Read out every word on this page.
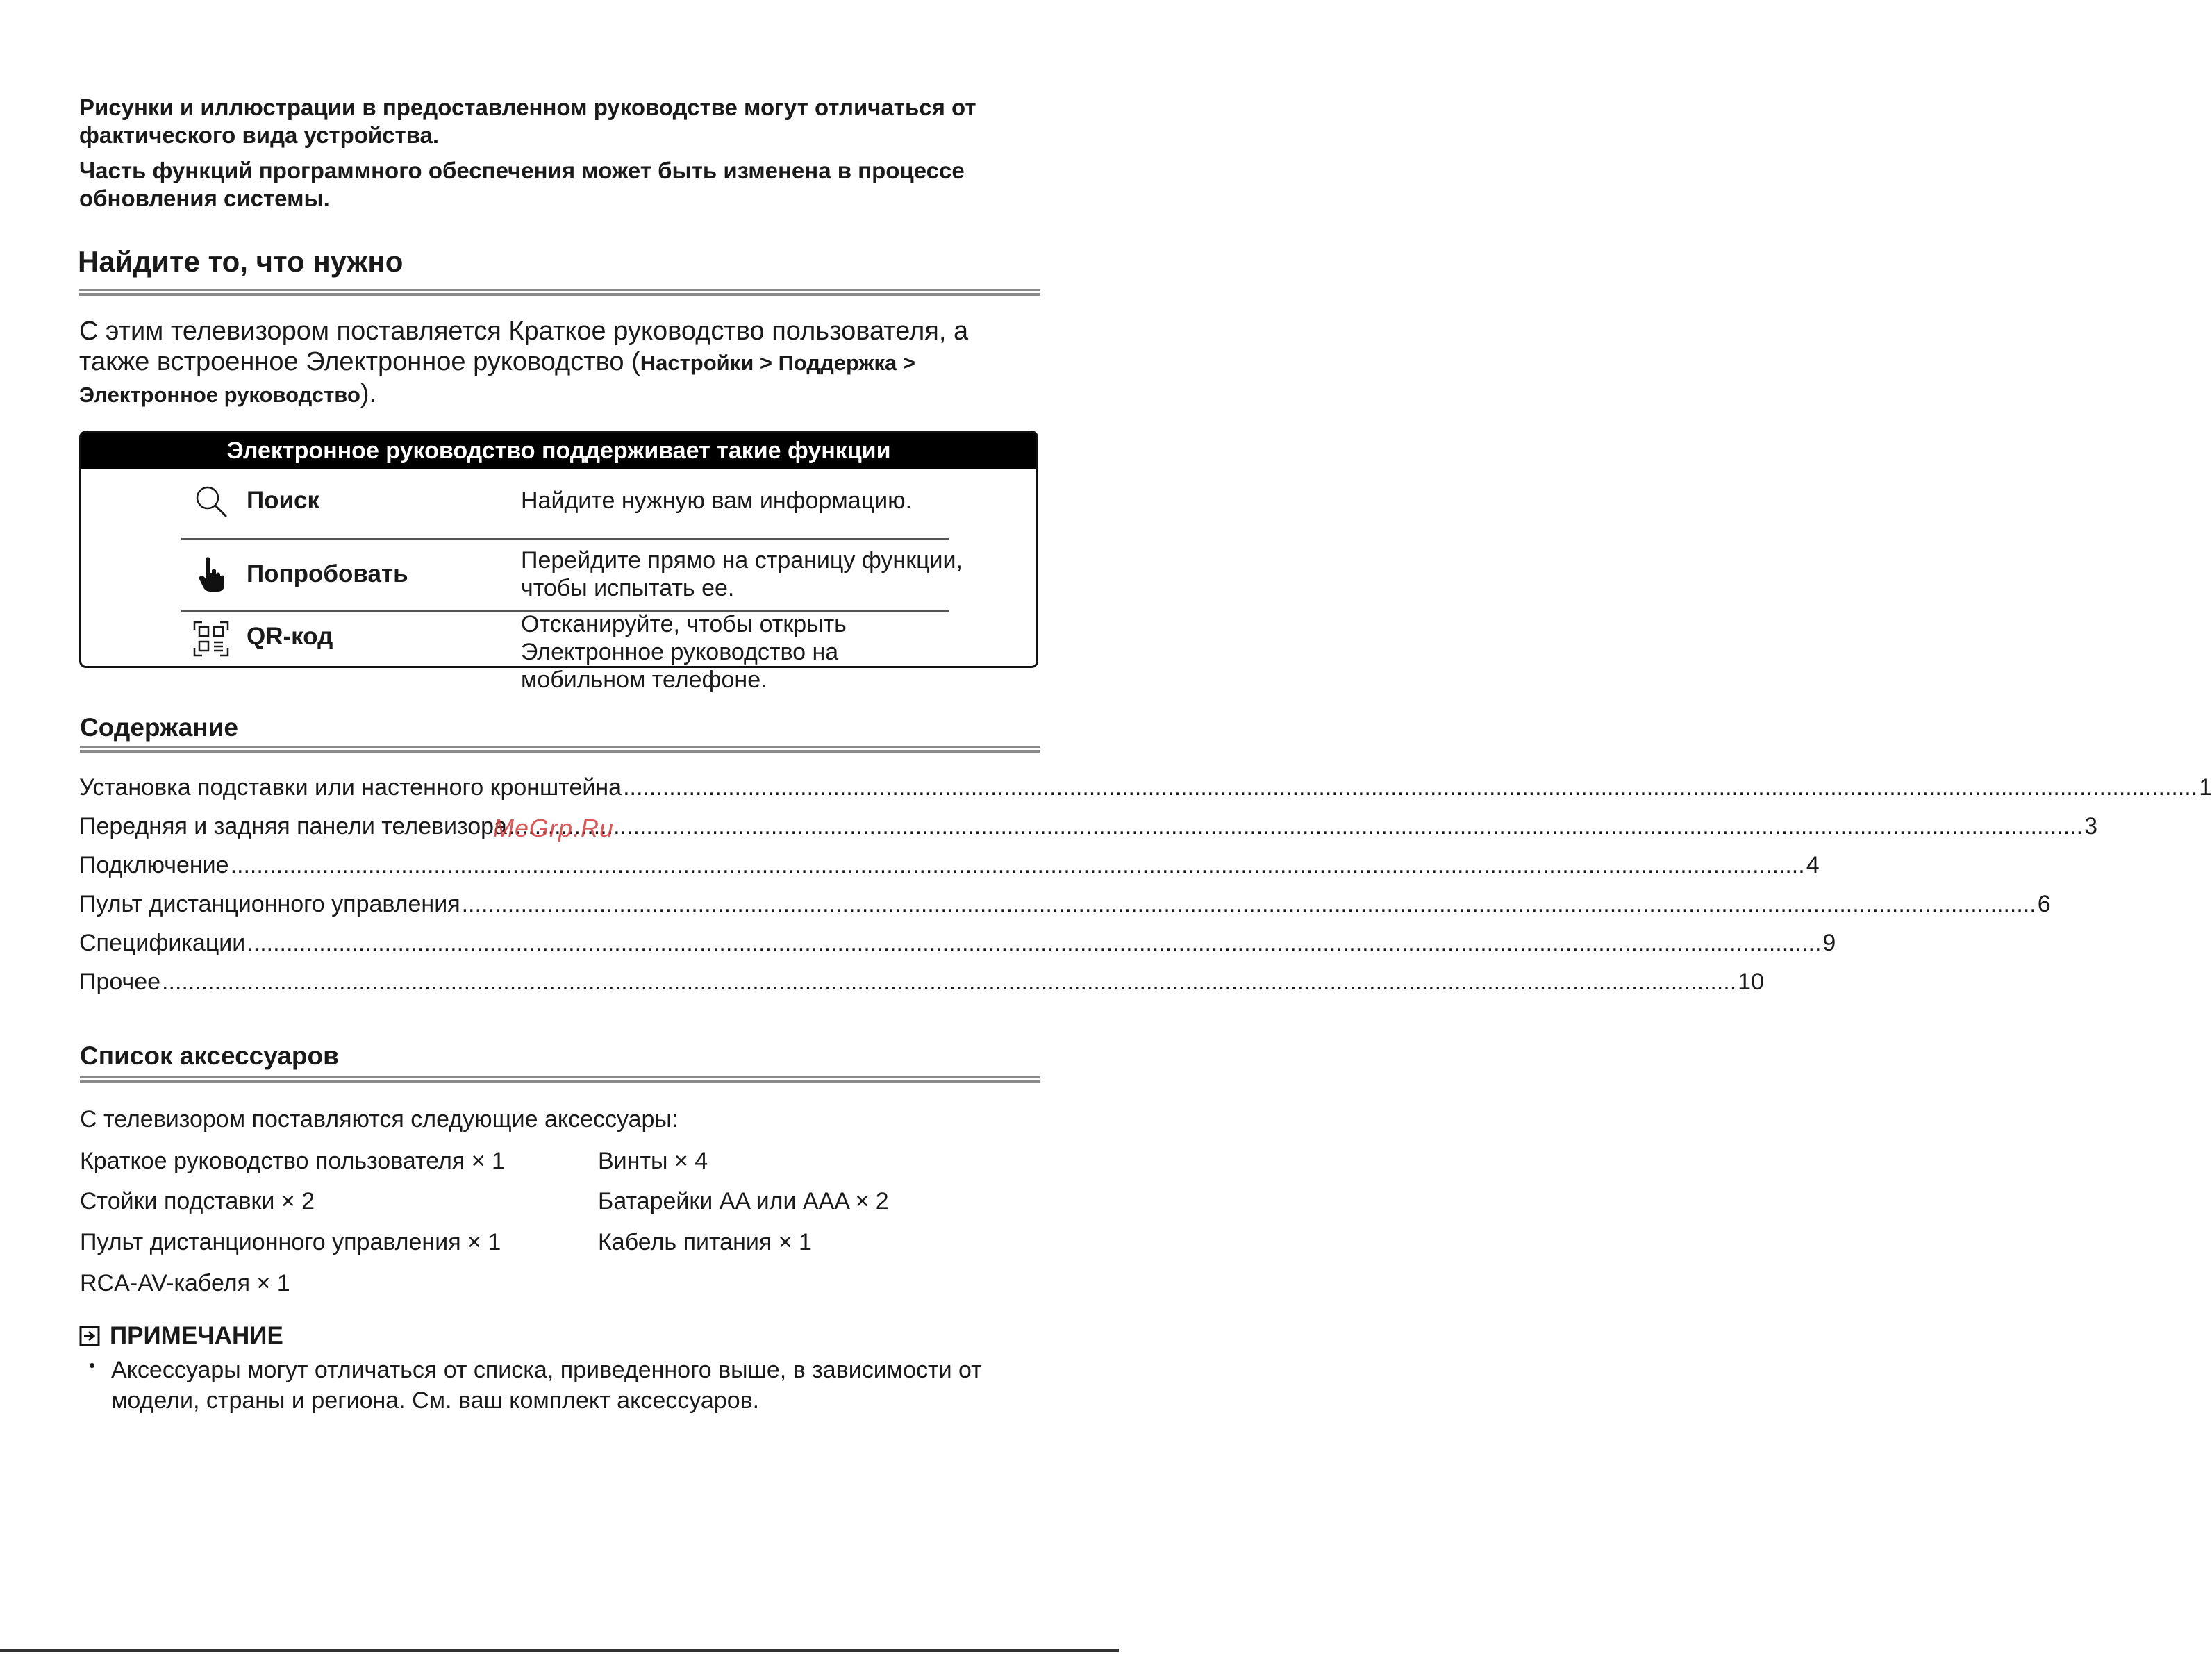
Рисунки и иллюстрации в предоставленном руководстве могут отличаться от фактического вида устройства.
Часть функций программного обеспечения может быть изменена в процессе обновления системы.
Найдите то, что нужно
С этим телевизором поставляется Краткое руководство пользователя, а также встроенное Электронное руководство (Настройки > Поддержка > Электронное руководство).
Электронное руководство поддерживает такие функции
Поиск	Найдите нужную вам информацию.
Попробовать	Перейдите прямо на страницу функции, чтобы испытать ее.
QR-код	Отсканируйте, чтобы открыть Электронное руководство на мобильном телефоне.
Содержание
Установка подставки или настенного кронштейна .....	1
Передняя и задняя панели телевизора .....	3
Подключение .....	4
Пульт дистанционного управления .....	6
Спецификации .....	9
Прочее .....	10
MeGrp.Ru
Список аксессуаров
С телевизором поставляются следующие аксессуары:
Краткое руководство пользователя × 1	Винты × 4
Стойки подставки × 2	Батарейки AA или AAA × 2
Пульт дистанционного управления × 1	Кабель питания × 1
RCA-AV-кабеля × 1
ПРИМЕЧАНИЕ
• Аксессуары могут отличаться от списка, приведенного выше, в зависимости от модели, страны и региона. См. ваш комплект аксессуаров.
